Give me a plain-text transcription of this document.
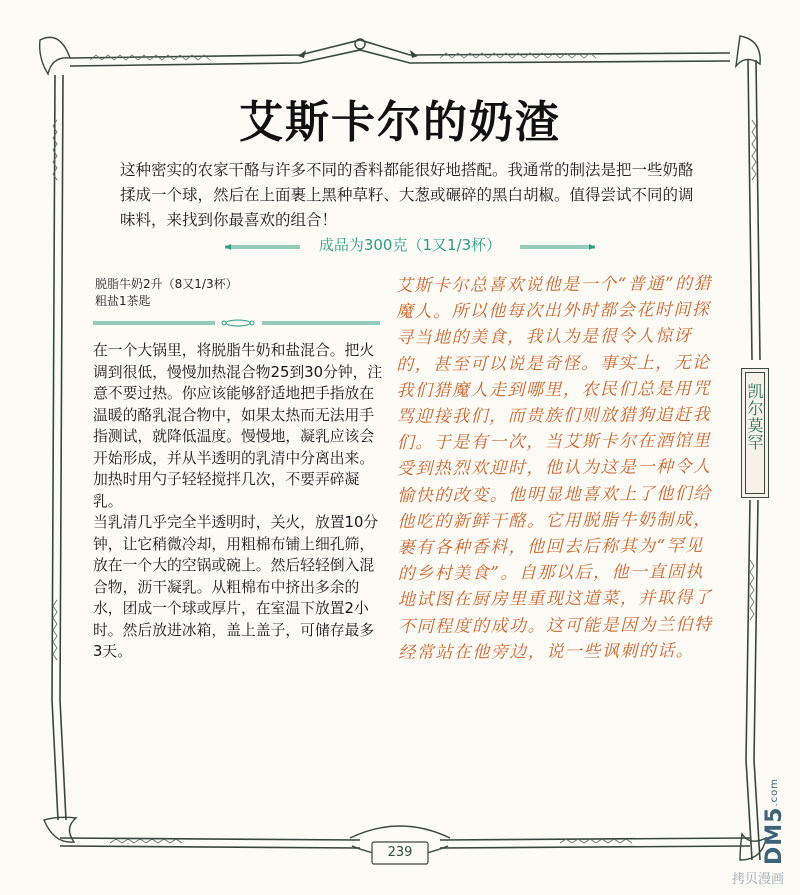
艾斯卡尔的奶渣
这种密实的农家干酪与许多不同的香料都能很好地搭配。我通常的制法是把一些奶酪揉成一个球，然后在上面裹上黑种草籽、大葱或碾碎的黑白胡椒。值得尝试不同的调味料，来找到你最喜欢的组合！
成品为300克（1又1/3杯）
脱脂牛奶2升（8又1/3杯）
粗盐1茶匙

在一个大锅里，将脱脂牛奶和盐混合。把火调到很低，慢慢加热混合物25到30分钟，注意不要过热。你应该能够舒适地把手指放在温暖的酪乳混合物中，如果太热而无法用手指测试，就降低温度。慢慢地，凝乳应该会开始形成，并从半透明的乳清中分离出来。加热时用勺子轻轻搅拌几次，不要弄碎凝乳。

当乳清几乎完全半透明时，关火，放置10分钟，让它稍微冷却，用粗棉布铺上细孔筛，放在一个大的空锅或碗上。然后轻轻倒入混合物，沥干凝乳。从粗棉布中挤出多余的水，团成一个球或厚片，在室温下放置2小时。然后放进冰箱，盖上盖子，可储存最多3天。

艾斯卡尔总喜欢说他是一个“普通”的猎魔人。所以他每次出外时都会花时间探寻当地的美食，我认为是很令人惊讶的，甚至可以说是奇怪。事实上，无论我们猎魔人走到哪里，农民们总是用咒骂迎接我们，而贵族们则放猎狗追赶我们。于是有一次，当艾斯卡尔在酒馆里受到热烈欢迎时，他认为这是一种令人愉快的改变。他明显地喜欢上了他们给他吃的新鲜干酪。它用脱脂牛奶制成，裹有各种香料，他回去后称其为“罕见的乡村美食”。自那以后，他一直固执地试图在厨房里重现这道菜，并取得了不同程度的成功。这可能是因为兰伯特经常站在他旁边，说一些讽刺的话。
凯尔莫罕
239	DM5.com
拷贝漫画
